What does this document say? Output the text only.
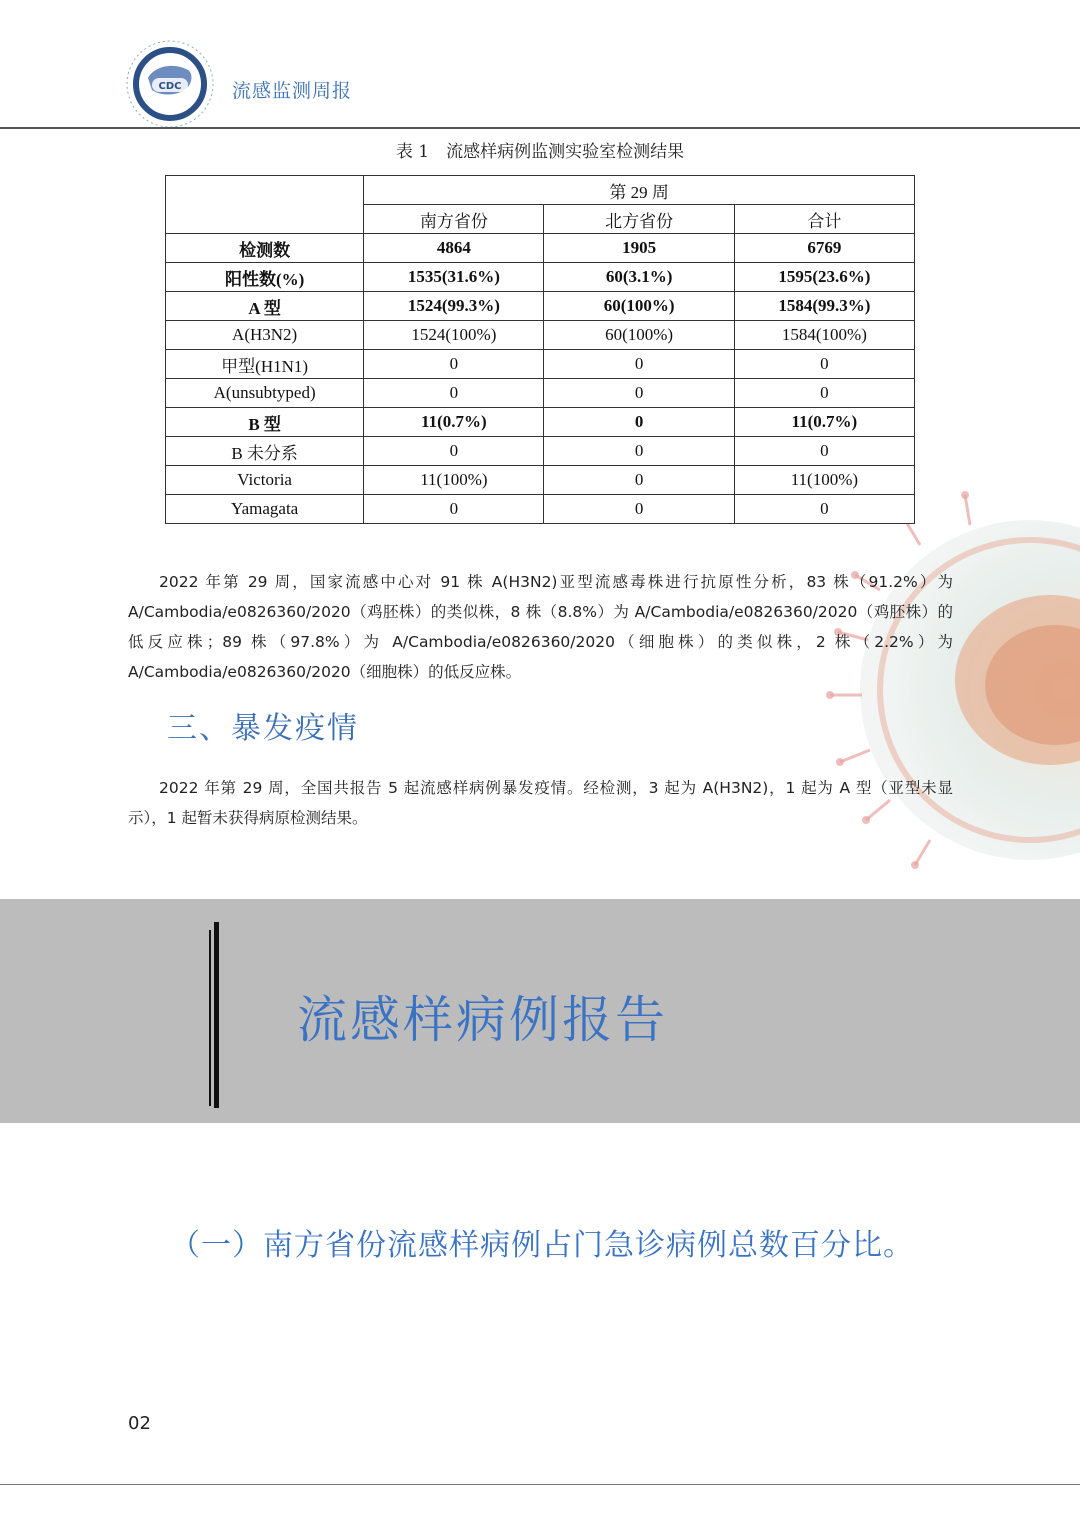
CDC	流感监测周报
表 1　流感样病例监测实验室检测结果
	第 29 周		
	南方省份	北方省份	合计
检测数	4864	1905	6769
阳性数(%)	1535(31.6%)	60(3.1%)	1595(23.6%)
A 型	1524(99.3%)	60(100%)	1584(99.3%)
A(H3N2)	1524(100%)	60(100%)	1584(100%)
甲型(H1N1)	0	0	0
A(unsubtyped)	0	0	0
B 型	11(0.7%)	0	11(0.7%)
B 未分系	0	0	0
Victoria	11(100%)	0	11(100%)
Yamagata	0	0	0

2022 年第 29 周，国家流感中心对 91 株 A(H3N2)亚型流感毒株进行抗原性分析，83 株（91.2%）为 A/Cambodia/e0826360/2020（鸡胚株）的类似株，8 株（8.8%）为 A/Cambodia/e0826360/2020（鸡胚株）的低反应株；89 株（97.8%）为 A/Cambodia/e0826360/2020（细胞株）的类似株，2 株（2.2%）为 A/Cambodia/e0826360/2020（细胞株）的低反应株。

三、暴发疫情

2022 年第 29 周，全国共报告 5 起流感样病例暴发疫情。经检测，3 起为 A(H3N2)，1 起为 A 型（亚型未显示），1 起暂未获得病原检测结果。

流感样病例报告
（一）南方省份流感样病例占门急诊病例总数百分比。
02
